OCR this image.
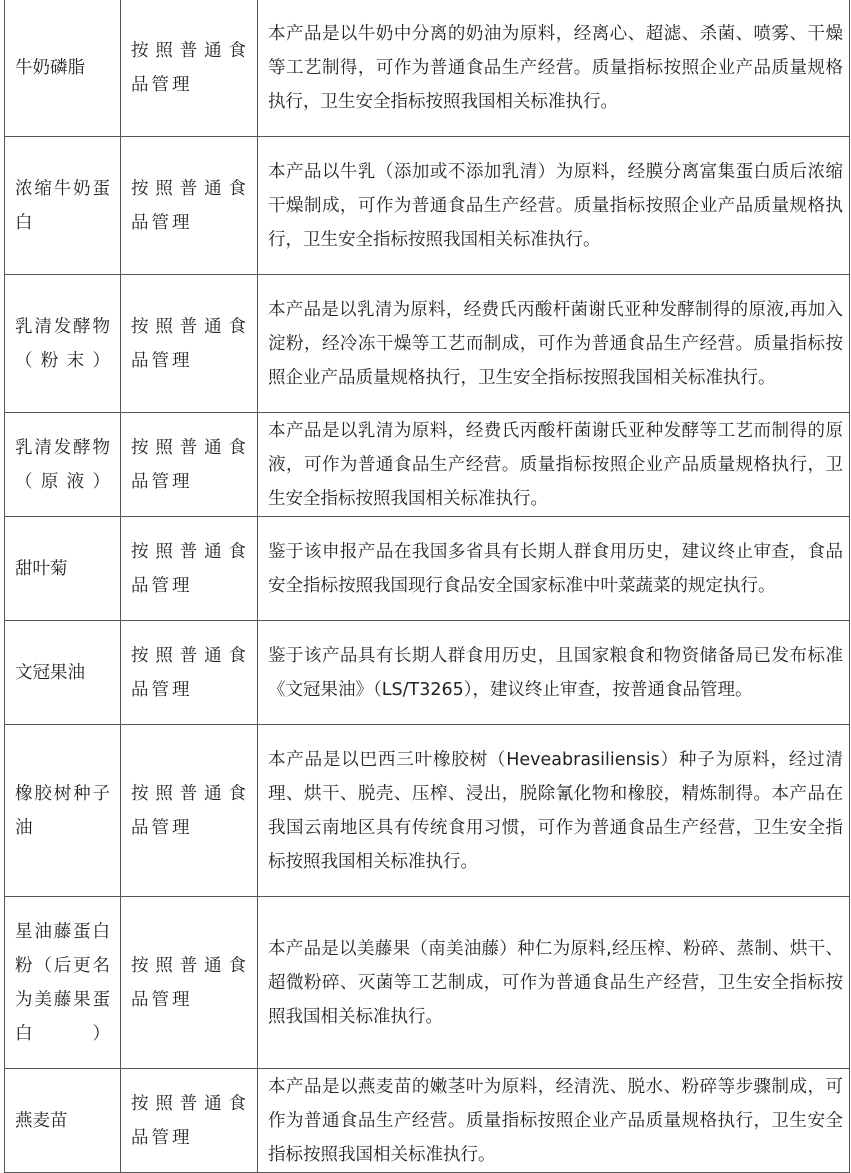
牛奶磷脂	按照普通食品管理	本产品是以牛奶中分离的奶油为原料，经离心、超滤、杀菌、喷雾、干燥等工艺制得，可作为普通食品生产经营。质量指标按照企业产品质量规格执行，卫生安全指标按照我国相关标准执行。
浓缩牛奶蛋白	按照普通食品管理	本产品以牛乳（添加或不添加乳清）为原料，经膜分离富集蛋白质后浓缩干燥制成，可作为普通食品生产经营。质量指标按照企业产品质量规格执行，卫生安全指标按照我国相关标准执行。
乳清发酵物（粉末）	按照普通食品管理	本产品是以乳清为原料，经费氏丙酸杆菌谢氏亚种发酵制得的原液,再加入淀粉，经冷冻干燥等工艺而制成，可作为普通食品生产经营。质量指标按照企业产品质量规格执行，卫生安全指标按照我国相关标准执行。
乳清发酵物（原液）	按照普通食品管理	本产品是以乳清为原料，经费氏丙酸杆菌谢氏亚种发酵等工艺而制得的原液，可作为普通食品生产经营。质量指标按照企业产品质量规格执行，卫生安全指标按照我国相关标准执行。
甜叶菊	按照普通食品管理	鉴于该申报产品在我国多省具有长期人群食用历史，建议终止审查，食品安全指标按照我国现行食品安全国家标准中叶菜蔬菜的规定执行。
文冠果油	按照普通食品管理	鉴于该产品具有长期人群食用历史，且国家粮食和物资储备局已发布标准《文冠果油》（LS/T3265），建议终止审查，按普通食品管理。
橡胶树种子油	按照普通食品管理	本产品是以巴西三叶橡胶树（Heveabrasiliensis）种子为原料，经过清理、烘干、脱壳、压榨、浸出，脱除氰化物和橡胶，精炼制得。本产品在我国云南地区具有传统食用习惯，可作为普通食品生产经营，卫生安全指标按照我国相关标准执行。
星油藤蛋白粉（后更名为美藤果蛋白）	按照普通食品管理	本产品是以美藤果（南美油藤）种仁为原料,经压榨、粉碎、蒸制、烘干、超微粉碎、灭菌等工艺制成，可作为普通食品生产经营，卫生安全指标按照我国相关标准执行。
燕麦苗	按照普通食品管理	本产品是以燕麦苗的嫩茎叶为原料，经清洗、脱水、粉碎等步骤制成，可作为普通食品生产经营。质量指标按照企业产品质量规格执行，卫生安全指标按照我国相关标准执行。
